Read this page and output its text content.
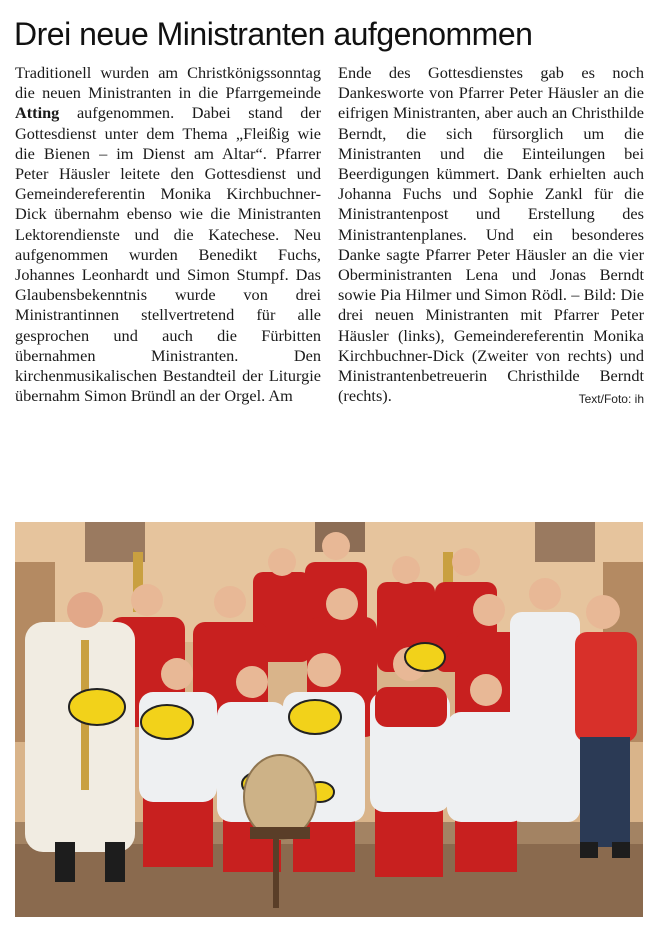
Drei neue Ministranten aufgenommen

Traditionell wurden am Christkönigssonntag die neuen Ministranten in die Pfarrgemeinde Atting aufgenommen. Dabei stand der Gottesdienst unter dem Thema „Fleißig wie die Bienen – im Dienst am Altar“. Pfarrer Peter Häusler leitete den Gottesdienst und Gemeindereferentin Monika Kirchbuchner-Dick übernahm ebenso wie die Ministranten Lektorendienste und die Katechese. Neu aufgenommen wurden Benedikt Fuchs, Johannes Leonhardt und Simon Stumpf. Das Glaubensbekenntnis wurde von drei Ministrantinnen stellvertretend für alle gesprochen und auch die Fürbitten übernahmen Ministranten. Den kirchenmusikalischen Bestandteil der Liturgie übernahm Simon Bründl an der Orgel. Am

Ende des Gottesdienstes gab es noch Dankesworte von Pfarrer Peter Häusler an die eifrigen Ministranten, aber auch an Christhilde Berndt, die sich fürsorglich um die Ministranten und die Einteilungen bei Beerdigungen kümmert. Dank erhielten auch Johanna Fuchs und Sophie Zankl für die Ministrantenpost und Erstellung des Ministrantenplanes. Und ein besonderes Danke sagte Pfarrer Peter Häusler an die vier Oberministranten Lena und Jonas Berndt sowie Pia Hilmer und Simon Rödl. – Bild: Die drei neuen Ministranten mit Pfarrer Peter Häusler (links), Gemeindereferentin Monika Kirchbuchner-Dick (Zweiter von rechts) und Ministrantenbetreuerin Christhilde Berndt (rechts).	Text/Foto: ih
